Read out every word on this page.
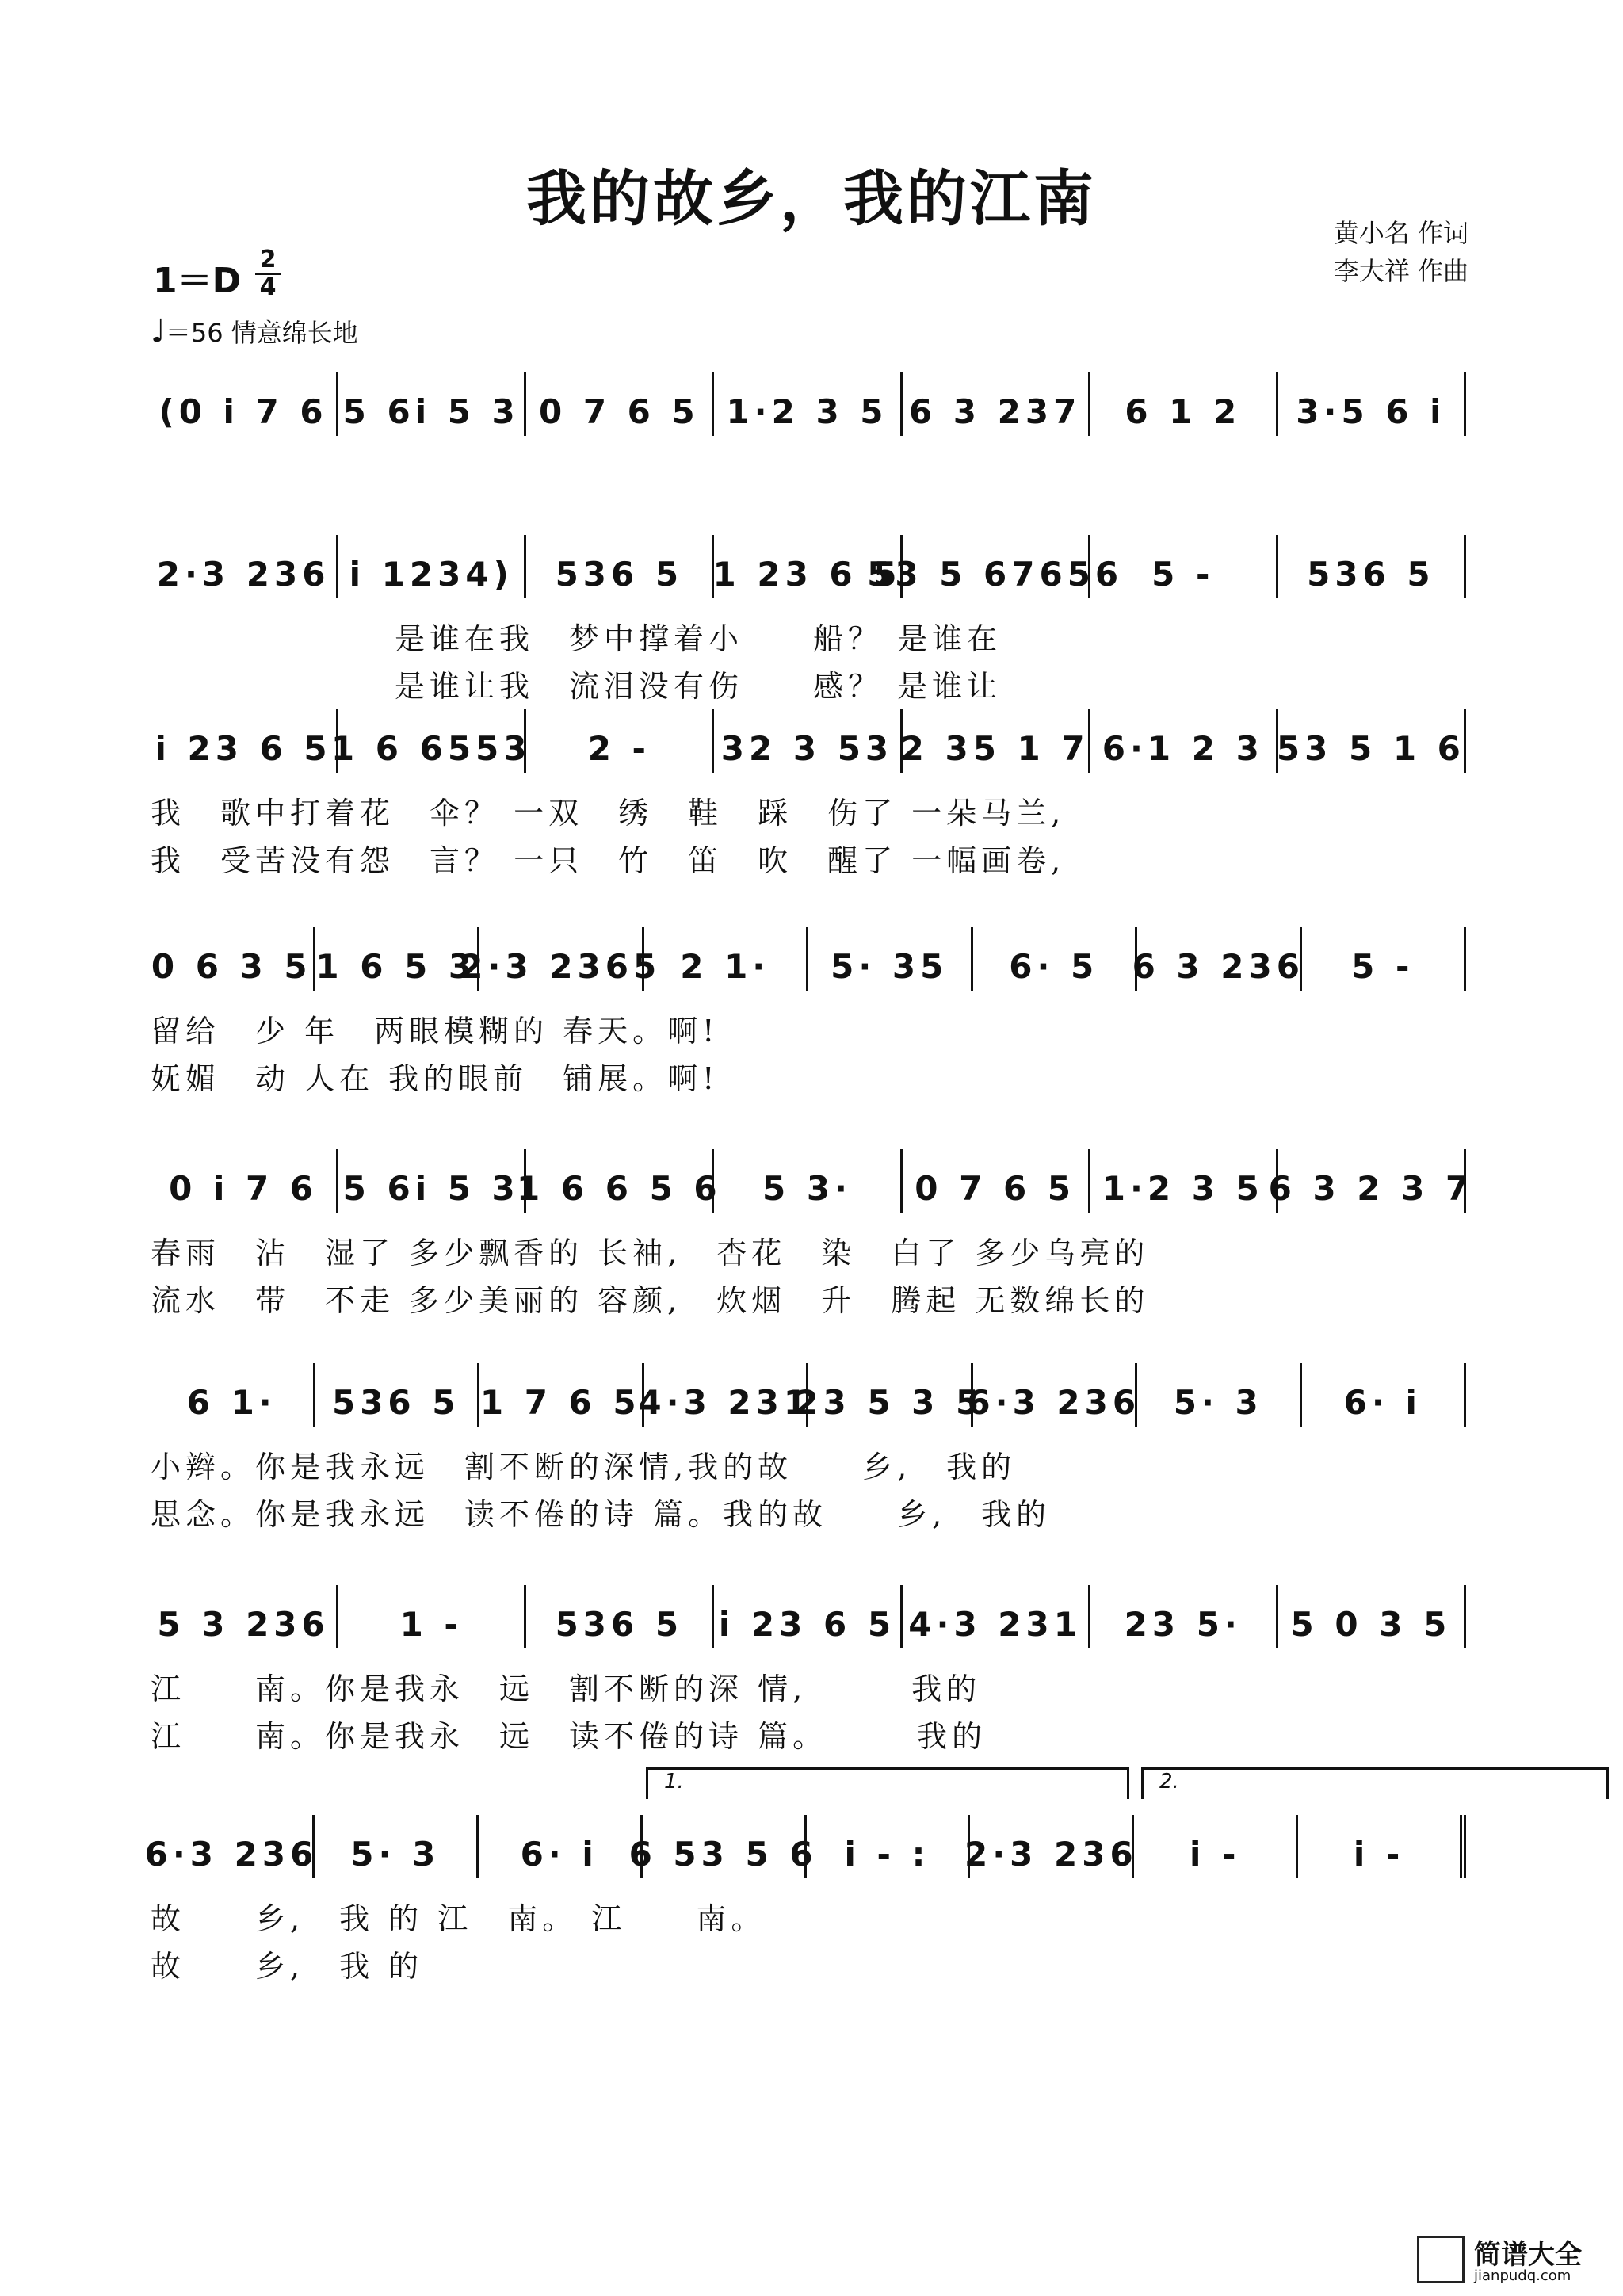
我的故乡，我的江南	黄小名 作词
李大祥 作曲
1＝D
2
4
♩＝56 情意绵长地
(0 i 7 6 5 6i 5 3 0 7 6 5 1·2 3 5 6 3 237	6 1 2	3·5 6 i
2·3 236 i 1234)	536 5 1 23 6 5
53 5 67656 5 -	536 5
　　　　　　　是谁在我　梦中撑着小　　船？ 是谁在
　　　　　　　是谁让我　流泪没有伤　　感？ 是谁让
i 23 6 5 1 6 6553	2 -	32 3 53 2 35 1 7 6·1 2 3 53 5 1 6
我　歌中打着花　伞？ 一双　绣　鞋　踩　伤了 一朵马兰,
我　受苦没有怨　言？ 一只　竹　笛　吹　醒了 一幅画卷,
0 6 3 5 1 6 5 3
2·3 2365 2 1·	5· 35	6· 5	6 3 236	5 -
留给　少 年　两眼模糊的 春天。啊!
妩媚　动 人在 我的眼前　铺展。啊!
0 i 7 6 5 6i 5 3
1 6 6 5 6	5 3·	0 7 6 5 1·2 3 5 6 3 2 3 7
春雨　沾　湿了 多少飘香的 长袖,　杏花　染　白了 多少乌亮的
流水　带　不走 多少美丽的 容颜,　炊烟　升　腾起 无数绵长的
6 1·	536 5 1 7 6 5
4·3 231
23 5 3 5
6·3 236 5· 3	6· i
小辫。你是我永远　割不断的深情,我的故　　乡,　我的
思念。你是我永远　读不倦的诗 篇。我的故　　乡,　我的
5 3 236	1 -	536 5	i 23 6 5 4·3 231	23 5·	5 0 3 5
江　　南。你是我永　远　割不断的深 情,　　　我的
江　　南。你是我永　远　读不倦的诗 篇。　　　我的
6·3 236 5· 3	6· i 6 53 5 6 i - :	2·3 236	i -	i -
故　　乡,　我 的 江　南。 江　　南。
故　　乡,　我 的
1.	2.
简谱大全
jianpudq.com
